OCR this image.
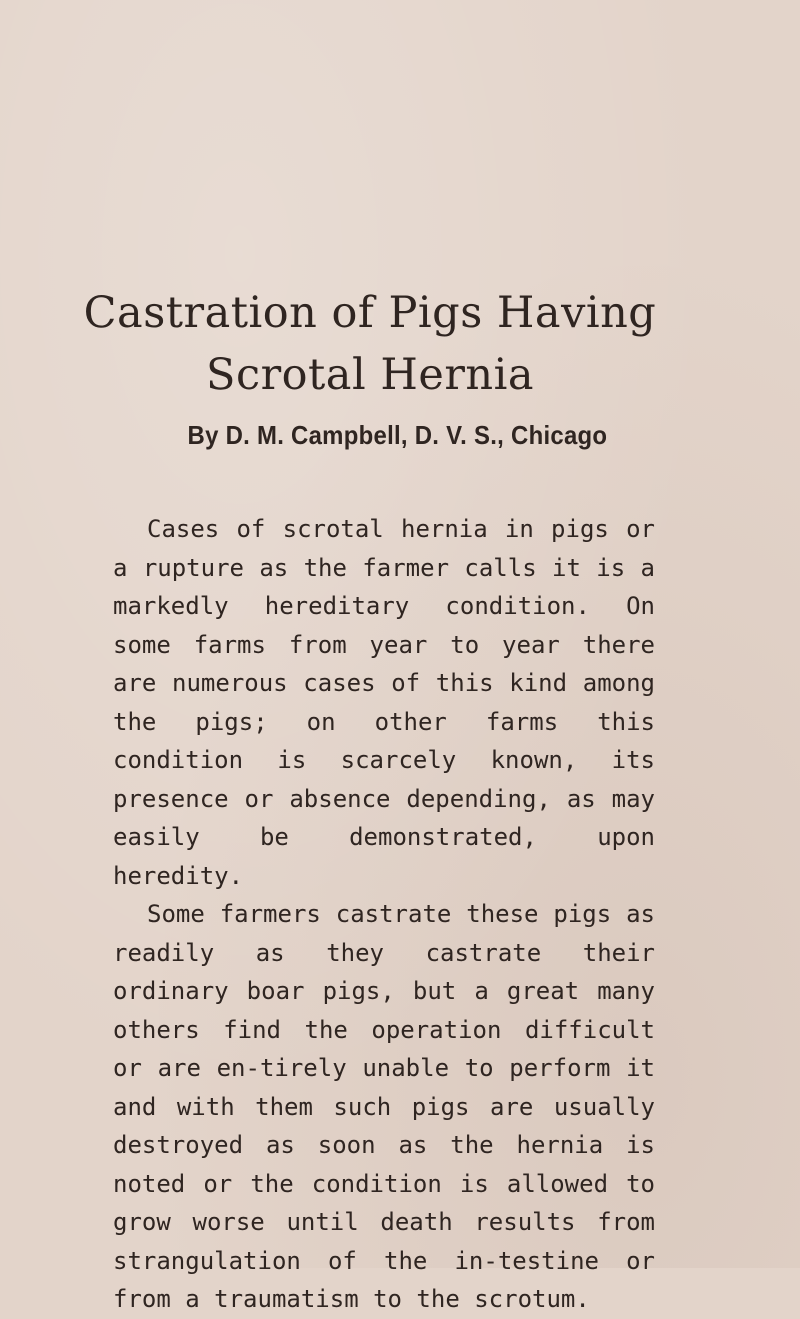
Castration of Pigs Having
Scrotal Hernia
By D. M. Campbell, D. V. S., Chicago

Cases of scrotal hernia in pigs or a rupture as the farmer calls it is a markedly hereditary condition. On some farms from year to year there are numerous cases of this kind among the pigs; on other farms this condition is scarcely known, its presence or absence depending, as may easily be demonstrated, upon heredity.

Some farmers castrate these pigs as readily as they castrate their ordinary boar pigs, but a great many others find the operation difficult or are en-tirely unable to perform it and with them such pigs are usually destroyed as soon as the hernia is noted or the condition is allowed to grow worse until death results from strangulation of the in-testine or from a traumatism to the scrotum.
